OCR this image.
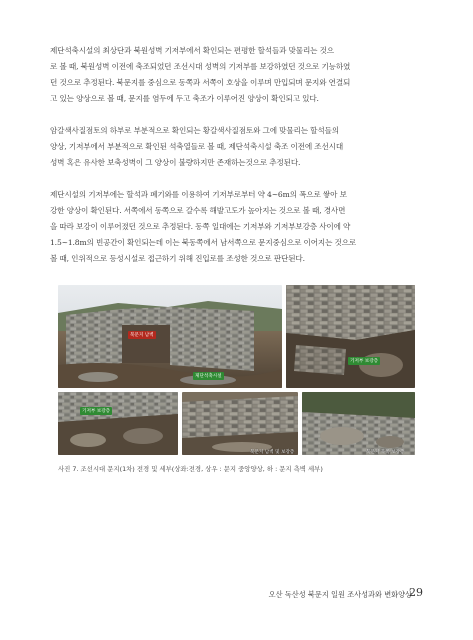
제단석축시설의 최상단과 북원성벽 기저부에서 확인되는 편평한 할석들과 맞물리는 것으
로 볼 때, 북원성벽 이전에 축조되었던 조선시대 성벽의 기저부를 보강하였던 것으로 기능하였
던 것으로 추정된다. 북문지를 중심으로 동쪽과 서쪽이 호상을 이루며 만입되며 문지와 연결되
고 있는 양상으로 볼 때, 문지를 염두에 두고 축조가 이루어진 양상이 확인되고 있다.
암갈색사질점토의 하부로 부분적으로 확인되는 황갈색사질점토와 그에 맞물리는 할석들의
양상, 기저부에서 부분적으로 확인된 석축열들로 볼 때, 제단석축시설 축조 이전에 조선시대
성벽 혹은 유사한 보축성벽이 그 양상이 불량하지만 존재하는것으로 추정된다.
제단시설의 기저부에는 할석과 폐기와를 이용하여 기저부로부터 약 4~6m의 폭으로 쌓아 보
강한 양상이 확인된다. 서쪽에서 동쪽으로 갈수록 해발고도가 높아지는 것으로 볼 때, 경사면
을 따라 보강이 이루어졌던 것으로 추정된다. 동쪽 일대에는 기저부와 기저부보강층 사이에 약
1.5~1.8m의 빈공간이 확인되는데 이는 북동쪽에서 남서쪽으로 문지중심으로 이어지는 것으로
볼 때, 인위적으로 등성시설로 접근하기 위해 진입로를 조성한 것으로 판단된다.
북문지 남벽
제단석축시설
기저부 보강층
기저부 보강층
북문지 남벽 및 보강층	북문지 북쪽 보강층
사진 7. 조선시대 문지(1차) 전경 및 세부(상좌:전경, 상우 : 문지 중앙양상, 하 : 문지 측벽 세부)
오산 독산성 북문지 일원 조사성과와 변화양상
29
